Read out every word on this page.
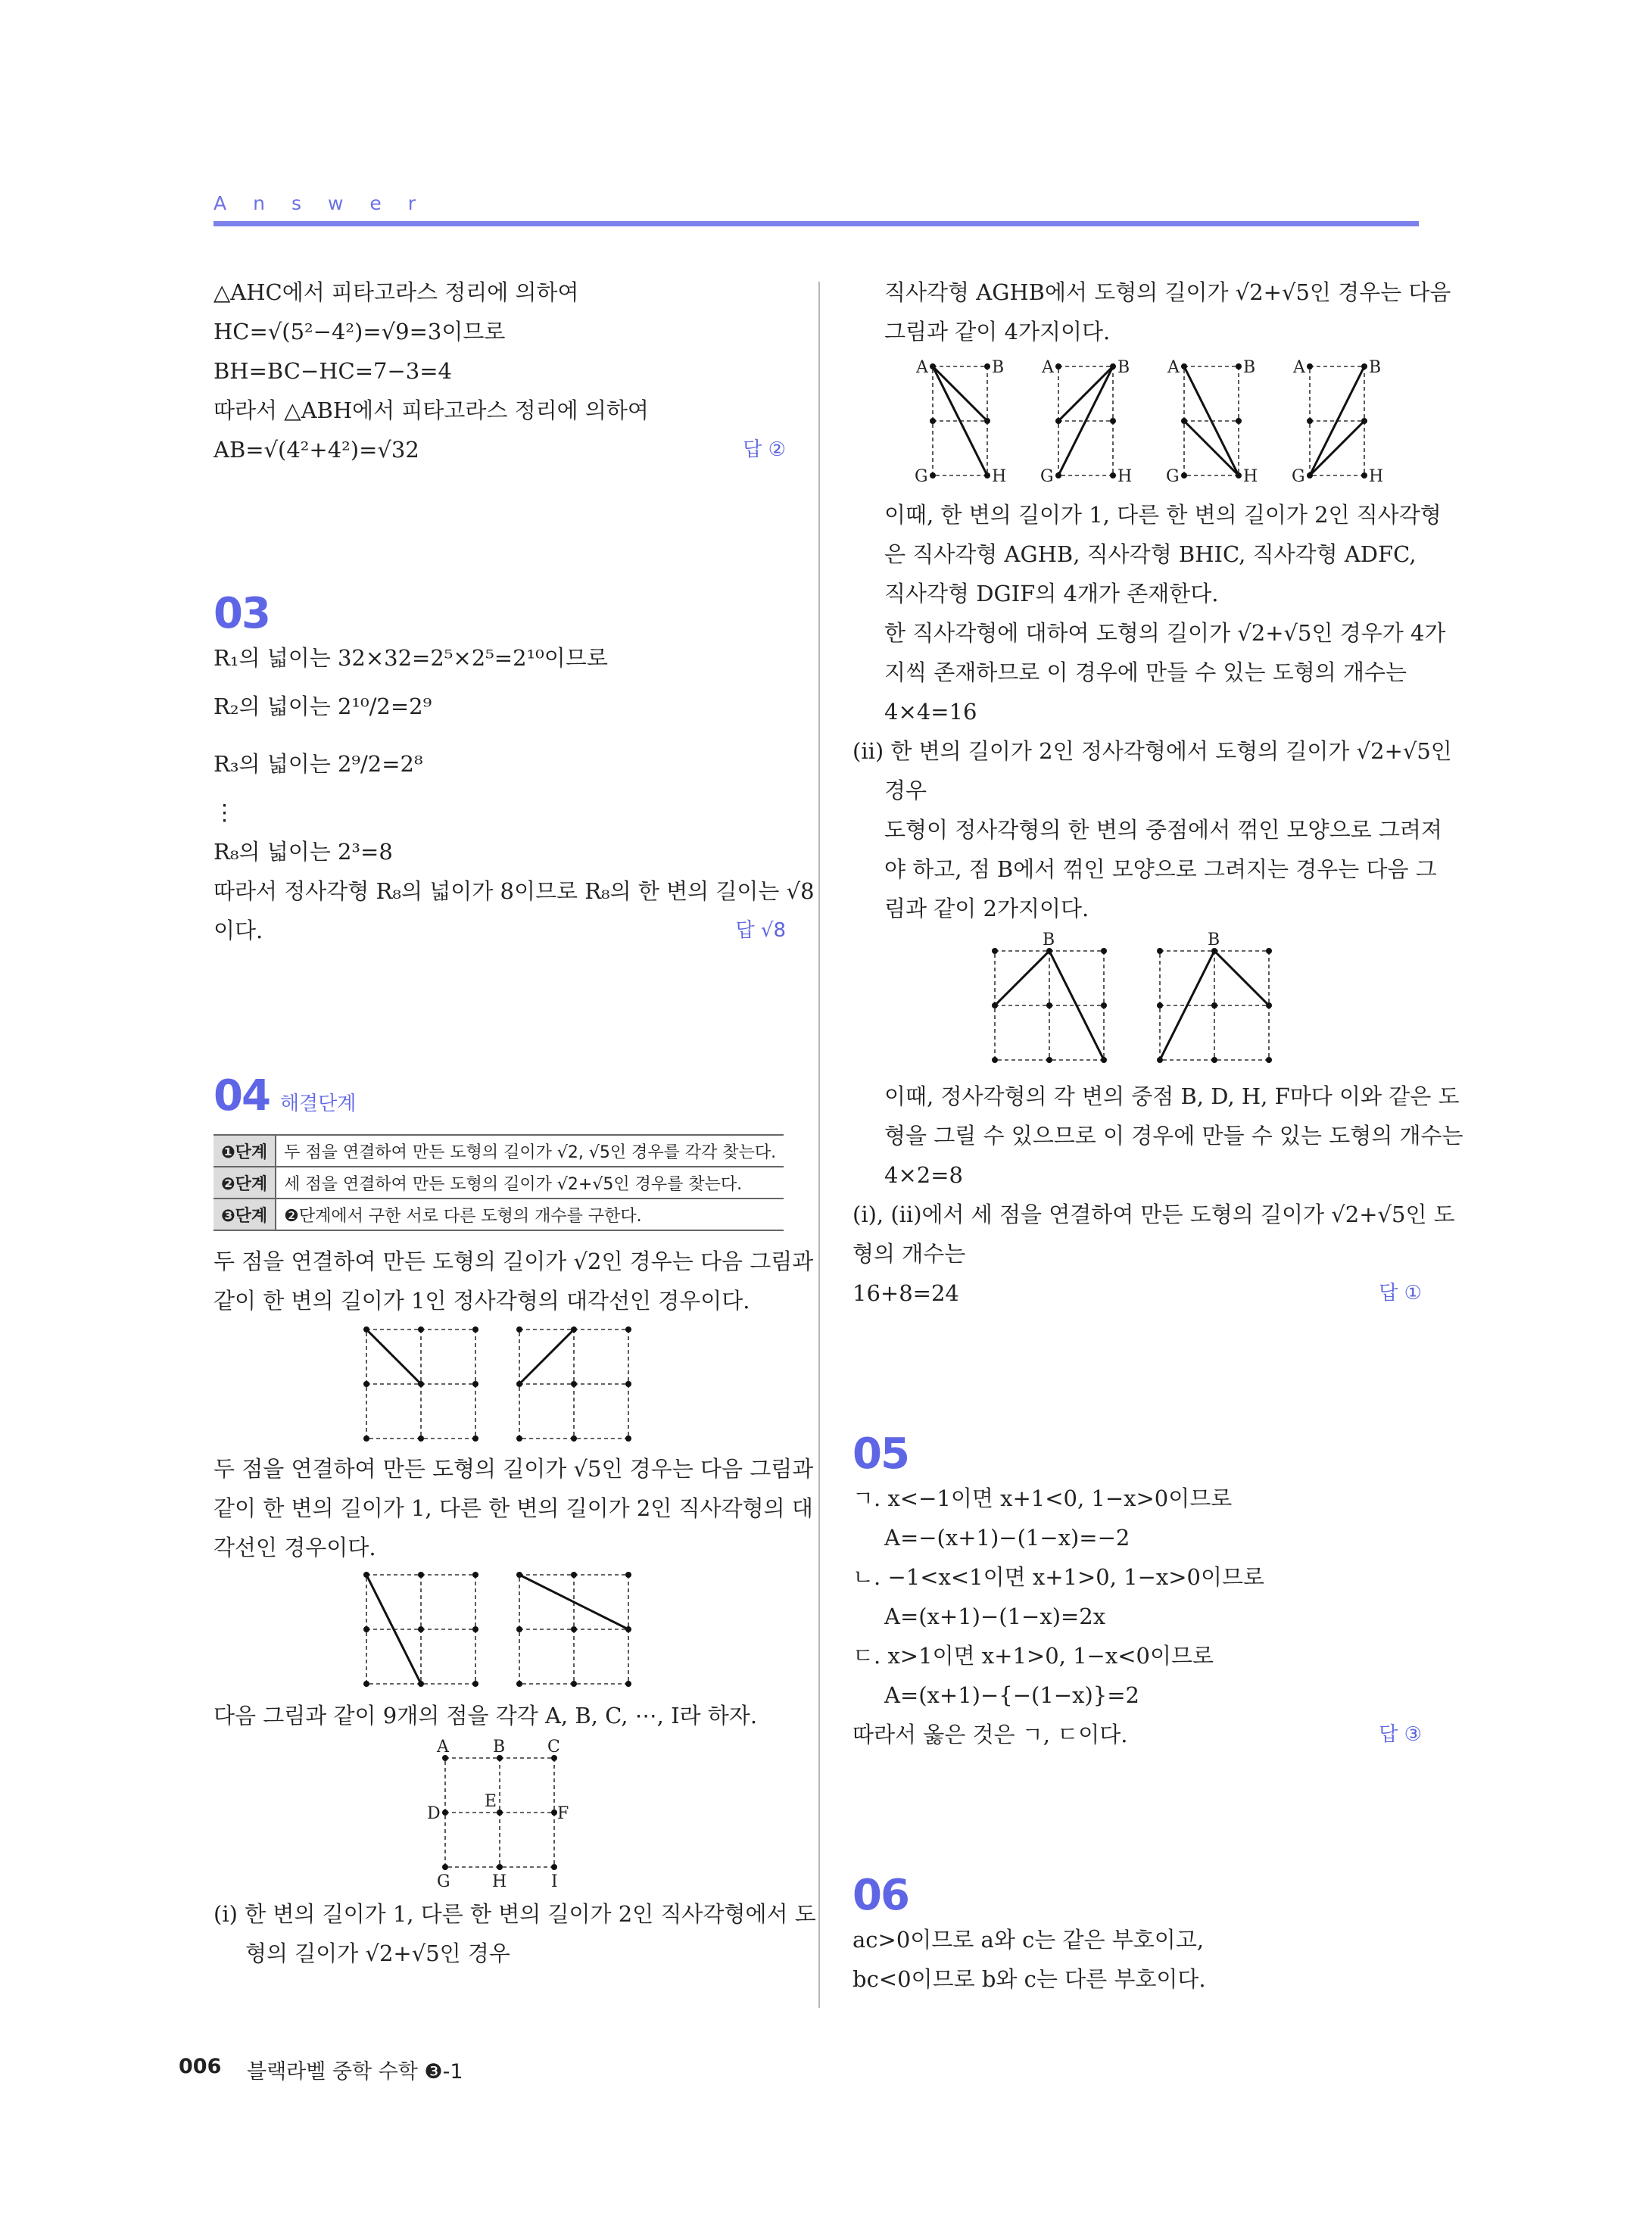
Answer
△AHC에서 피타고라스 정리에 의하여
HC=√(5²−4²)=√9=3이므로
BH=BC−HC=7−3=4
따라서 △ABH에서 피타고라스 정리에 의하여
AB=√(4²+4²)=√32	답 ②
03
R₁의 넓이는 32×32=2⁵×2⁵=2¹⁰이므로
R₂의 넓이는 2¹⁰/2=2⁹
R₃의 넓이는 2⁹/2=2⁸
⋮
R₈의 넓이는 2³=8
따라서 정사각형 R₈의 넓이가 8이므로 R₈의 한 변의 길이는 √8
이다.	답 √8
04 해결단계
❶단계	두 점을 연결하여 만든 도형의 길이가 √2, √5인 경우를 각각 찾는다.
❷단계	세 점을 연결하여 만든 도형의 길이가 √2+√5인 경우를 찾는다.
❸단계	❷단계에서 구한 서로 다른 도형의 개수를 구한다.
두 점을 연결하여 만든 도형의 길이가 √2인 경우는 다음 그림과
같이 한 변의 길이가 1인 정사각형의 대각선인 경우이다.
두 점을 연결하여 만든 도형의 길이가 √5인 경우는 다음 그림과
같이 한 변의 길이가 1, 다른 한 변의 길이가 2인 직사각형의 대
각선인 경우이다.
다음 그림과 같이 9개의 점을 각각 A, B, C, ⋯, I라 하자.
A	B	C
D
E
F
G	H	I
(ⅰ) 한 변의 길이가 1, 다른 한 변의 길이가 2인 직사각형에서 도
형의 길이가 √2+√5인 경우
직사각형 AGHB에서 도형의 길이가 √2+√5인 경우는 다음
그림과 같이 4가지이다.
A	B
G	H
A	B
G	H
A	B
G	H
A	B
G	H
이때, 한 변의 길이가 1, 다른 한 변의 길이가 2인 직사각형
은 직사각형 AGHB, 직사각형 BHIC, 직사각형 ADFC,
직사각형 DGIF의 4개가 존재한다.
한 직사각형에 대하여 도형의 길이가 √2+√5인 경우가 4가
지씩 존재하므로 이 경우에 만들 수 있는 도형의 개수는
4×4=16
(ⅱ) 한 변의 길이가 2인 정사각형에서 도형의 길이가 √2+√5인
경우
도형이 정사각형의 한 변의 중점에서 꺾인 모양으로 그려져
야 하고, 점 B에서 꺾인 모양으로 그려지는 경우는 다음 그
림과 같이 2가지이다.
B	B
이때, 정사각형의 각 변의 중점 B, D, H, F마다 이와 같은 도
형을 그릴 수 있으므로 이 경우에 만들 수 있는 도형의 개수는
4×2=8
(ⅰ), (ⅱ)에서 세 점을 연결하여 만든 도형의 길이가 √2+√5인 도
형의 개수는
16+8=24	답 ①
05
ㄱ. x<−1이면 x+1<0, 1−x>0이므로
A=−(x+1)−(1−x)=−2
ㄴ. −1<x<1이면 x+1>0, 1−x>0이므로
A=(x+1)−(1−x)=2x
ㄷ. x>1이면 x+1>0, 1−x<0이므로
A=(x+1)−{−(1−x)}=2
따라서 옳은 것은 ㄱ, ㄷ이다.	답 ③
06
ac>0이므로 a와 c는 같은 부호이고,
bc<0이므로 b와 c는 다른 부호이다.
006 블랙라벨 중학 수학 ❸-1
